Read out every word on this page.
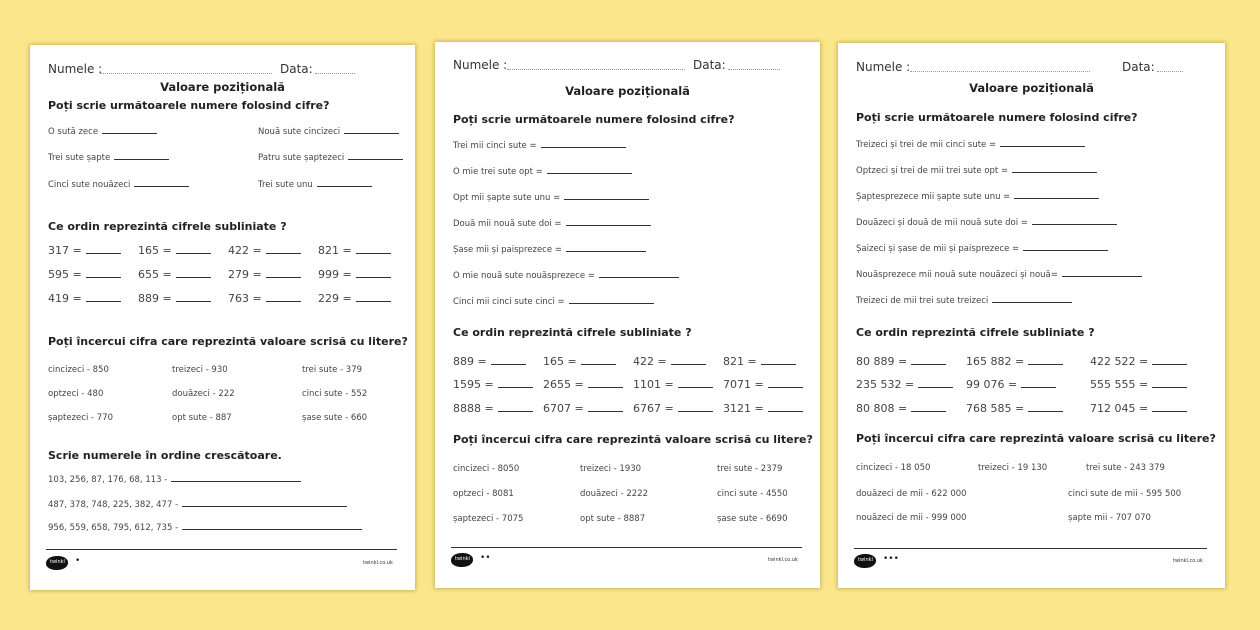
Numele :	Data:
Valoare pozițională
Poți scrie următoarele numere folosind cifre?
O sută zece	Nouă sute cincizeci
Trei sute șapte	Patru sute șaptezeci
Cinci sute nouăzeci	Trei sute unu
Ce ordin reprezintă cifrele subliniate ?
317 =	165 =	422 =	821 =
595 =	655 =	279 =	999 =
419 =	889 =	763 =	229 =
Poți încercui cifra care reprezintă valoare scrisă cu litere?
cincizeci - 850	treizeci - 930	trei sute - 379
optzeci - 480	douăzeci - 222	cinci sute - 552
șaptezeci - 770	opt sute - 887	șase sute - 660
Scrie numerele în ordine crescătoare.
103, 256, 87, 176, 68, 113 -
487, 378, 748, 225, 382, 477 -
956, 559, 658, 795, 612, 735 -
twinkl •	twinkl.co.uk
Numele :	Data:
Valoare pozițională
Poți scrie următoarele numere folosind cifre?
Trei mii cinci sute =
O mie trei sute opt =
Opt mii șapte sute unu =
Două mii nouă sute doi =
Șase mii și paisprezece =
O mie nouă sute nouăsprezece =
Cinci mii cinci sute cinci =
Ce ordin reprezintă cifrele subliniate ?
889 =	165 =	422 =	821 =
1595 =	2655 =	1101 =	7071 =
8888 =	6707 =	6767 =	3121 =
Poți încercui cifra care reprezintă valoare scrisă cu litere?
cincizeci - 8050	treizeci - 1930	trei sute - 2379
optzeci - 8081	douăzeci - 2222	cinci sute - 4550
șaptezeci - 7075	opt sute - 8887	șase sute - 6690
twinkl ••	twinkl.co.uk
Numele :	Data:
Valoare pozițională
Poți scrie următoarele numere folosind cifre?
Treizeci și trei de mii cinci sute =
Optzeci și trei de mii trei sute opt =
Șaptesprezece mii șapte sute unu =
Douăzeci și două de mii nouă sute doi =
Șaizeci și șase de mii și paisprezece =
Nouăsprezece mii nouă sute nouăzeci și nouă=
Treizeci de mii trei sute treizeci
Ce ordin reprezintă cifrele subliniate ?
80 889 =	165 882 =	422 522 =
235 532 =	99 076 =	555 555 =
80 808 =	768 585 =	712 045 =
Poți încercui cifra care reprezintă valoare scrisă cu litere?
cincizeci - 18 050	treizeci - 19 130	trei sute - 243 379
douăzeci de mii - 622 000	cinci sute de mii - 595 500
nouăzeci de mii - 999 000	șapte mii - 707 070
twinkl •••	twinkl.co.uk
